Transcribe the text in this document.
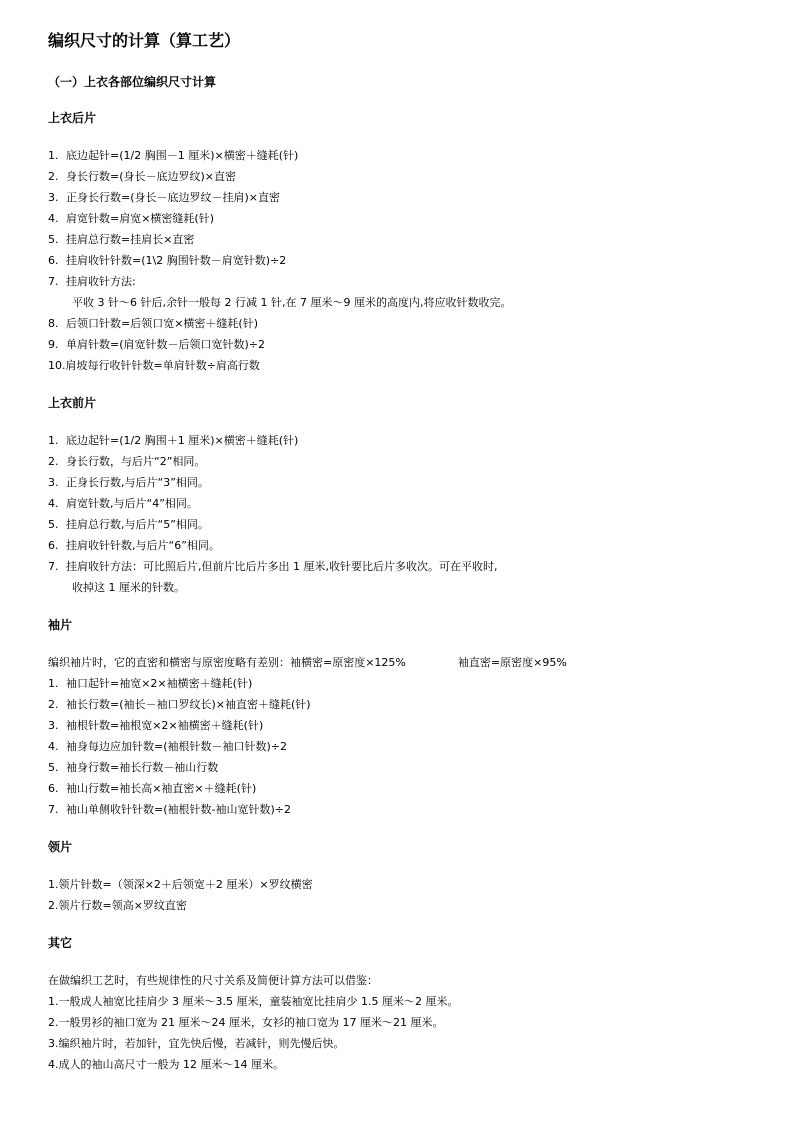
编织尺寸的计算（算工艺）
（一）上衣各部位编织尺寸计算
上衣后片
1. 底边起针=(1/2 胸围－1 厘米)×横密＋缝耗(针)
2. 身长行数=(身长－底边罗纹)×直密
3. 正身长行数=(身长－底边罗纹－挂肩)×直密
4. 肩宽针数=肩宽×横密缝耗(针)
5. 挂肩总行数=挂肩长×直密
6. 挂肩收针针数=(1\2 胸围针数－肩宽针数)÷2
7. 挂肩收针方法:
平收 3 针～6 针后,余针一般每 2 行减 1 针,在 7 厘米～9 厘米的高度内,将应收针数收完。
8. 后领口针数=后领口宽×横密＋缝耗(针)
9. 单肩针数=(肩宽针数－后领口宽针数)÷2
10.肩坡每行收针针数=单肩针数÷肩高行数
上衣前片
1. 底边起针=(1/2 胸围＋1 厘米)×横密＋缝耗(针)
2. 身长行数，与后片“2”相同。
3. 正身长行数,与后片“3”相同。
4. 肩宽针数,与后片“4”相同。
5. 挂肩总行数,与后片“5”相同。
6. 挂肩收针针数,与后片“6”相同。
7. 挂肩收针方法：可比照后片,但前片比后片多出 1 厘米,收针要比后片多收次。可在平收时,
收掉这 1 厘米的针数。
袖片
编织袖片时，它的直密和横密与原密度略有差别：袖横密=原密度×125%	袖直密=原密度×95%
1. 袖口起针=袖宽×2×袖横密＋缝耗(针)
2. 袖长行数=(袖长－袖口罗纹长)×袖直密＋缝耗(针)
3. 袖根针数=袖根宽×2×袖横密＋缝耗(针)
4. 袖身每边应加针数=(袖根针数－袖口针数)÷2
5. 袖身行数=袖长行数－袖山行数
6. 袖山行数=袖长高×袖直密×＋缝耗(针)
7. 袖山单侧收针针数=(袖根针数-袖山宽针数)÷2
领片
1.领片针数=（领深×2＋后领宽＋2 厘米）×罗纹横密
2.领片行数=领高×罗纹直密
其它
在做编织工艺时，有些规律性的尺寸关系及简便计算方法可以借鉴：
1.一般成人袖宽比挂肩少 3 厘米～3.5 厘米，童装袖宽比挂肩少 1.5 厘米～2 厘米。
2.一般男衫的袖口宽为 21 厘米～24 厘米，女衫的袖口宽为 17 厘米～21 厘米。
3.编织袖片时，若加针，宜先快后慢，若减针，则先慢后快。
4.成人的袖山高尺寸一般为 12 厘米～14 厘米。
